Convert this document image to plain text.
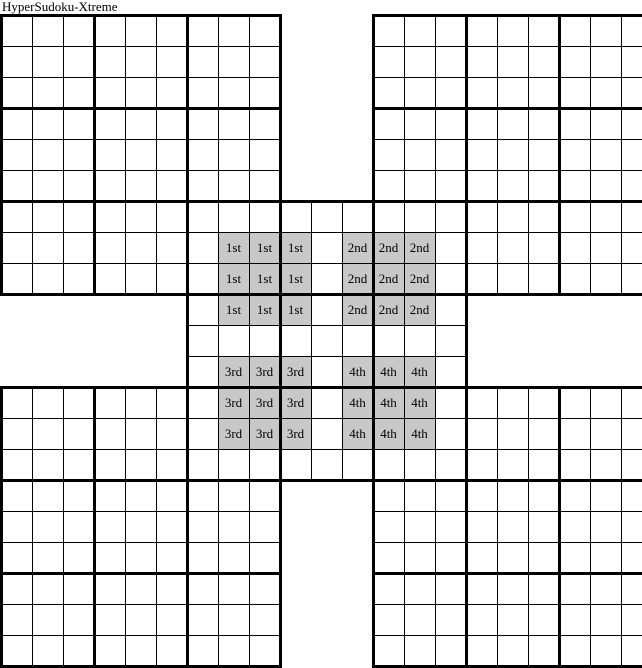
HyperSudoku-Xtreme
1st	1st	1st	2nd 2nd 2nd
1st	1st	1st	2nd 2nd 2nd
1st	1st	1st	2nd 2nd 2nd
3rd	3rd	3rd	4th	4th	4th
3rd	3rd	3rd	4th	4th	4th
3rd	3rd	3rd	4th	4th	4th
